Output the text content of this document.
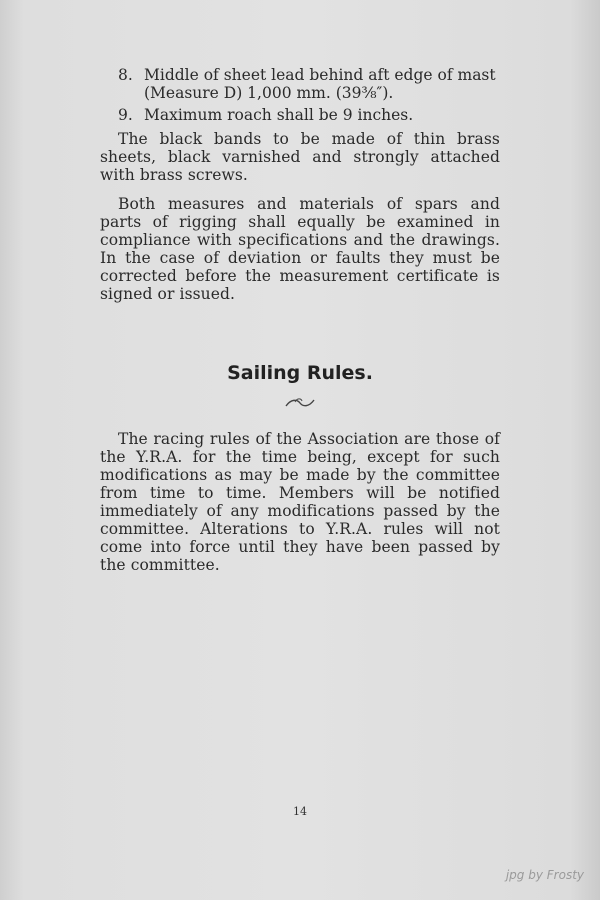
8. Middle of sheet lead behind aft edge of mast
(Measure D) 1,000 mm. (39⅜″).
9. Maximum roach shall be 9 inches.
The black bands to be made of thin brass sheets, black varnished and strongly attached with brass screws.
Both measures and materials of spars and parts of rigging shall equally be examined in compliance with specifications and the drawings. In the case of deviation or faults they must be corrected before the measurement certificate is signed or issued.
Sailing Rules.
The racing rules of the Association are those of the Y.R.A. for the time being, except for such modifications as may be made by the committee from time to time. Members will be notified immediately of any modifications passed by the committee. Alterations to Y.R.A. rules will not come into force until they have been passed by the committee.
14
jpg by Frosty
